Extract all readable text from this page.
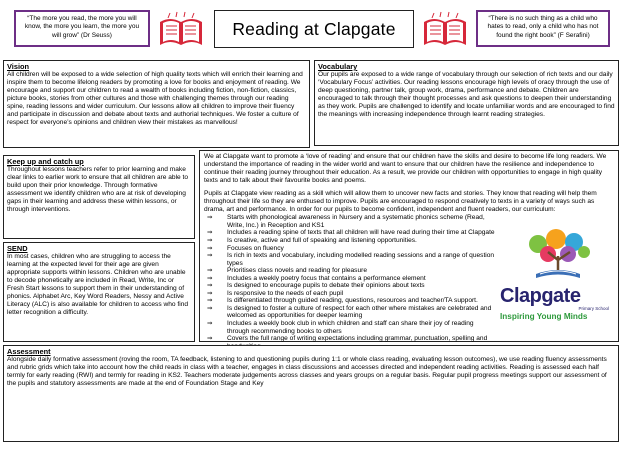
“The more you read, the more you will know, the more you learn, the more you will grow” (Dr Seuss)	Reading at Clapgate	“There is no such thing as a child who hates to read, only a child who has not found the right book” (F Serafini)
Vision
All children will be exposed to a wide selection of high quality texts which will enrich their learning and inspire them to become lifelong readers by promoting a love for books and enjoyment of reading. We encourage and support our children to read a wealth of books including fiction, non-fiction, classics, picture books, stories from other cultures and those with challenging themes through our reading spine, reading lessons and wider curriculum. Our lessons allow all children to improve their fluency and participate in discussion and debate about texts and authorial techniques. We foster a culture of respect for everyone’s opinions and children view their mistakes as marvellous!
Vocabulary
Our pupils are exposed to a wide range of vocabulary through our selection of rich texts and our daily ‘Vocabulary Focus’ activities. Our reading lessons encourage high levels of oracy through the use of deep questioning, partner talk, group work, drama, performance and debate. Children are encouraged to talk through their thought processes and ask questions to deepen their understanding as they work. Pupils are challenged to identify and locate unfamiliar words and are encouraged to find the meanings with increasing independence through learnt reading strategies.
Keep up and catch up
Throughout lessons teachers refer to prior learning and make clear links to earlier work to ensure that all children are able to build upon their prior knowledge. Through formative assessment we identify children who are at risk of developing gaps in their learning and address these within lessons, or through interventions.
SEND
In most cases, children who are struggling to access the learning at the expected level for their age are given appropriate supports within lessons. Children who are unable to decode phonetically are included in Read, Write, Inc or Fresh Start lessons to support them in their understanding of phonics. Alphabet Arc, Key Word Readers, Nessy and Active Literacy (ALC) is also available for children to access who find letter recognition a difficulty.
We at Clapgate want to promote a ‘love of reading’ and ensure that our children have the skills and desire to become life long readers. We understand the importance of reading in the wider world and want to ensure that our children have the resilience and independence to continue their reading journey throughout their education. As a result, we provide our children with opportunities to engage in high quality texts and to talk about their favourite books and poems.
Pupils at Clapgate view reading as a skill which will allow them to uncover new facts and stories. They know that reading will help them throughout their life so they are enthused to improve. Pupils are encouraged to respond creatively to texts in a variety of ways such as drama, art and performance. In order for our pupils to become confident, independent and fluent readers, our curriculum:
⇒ Starts with phonological awareness in Nursery and a systematic phonics scheme (Read, Write, Inc.) in Reception and KS1
⇒ Includes a reading spine of texts that all children will have read during their time at Clapgate
⇒ Is creative, active and full of speaking and listening opportunities.
⇒ Focuses on fluency
⇒ Is rich in texts and vocabulary, including modelled reading sessions and a range of question types
⇒ Prioritises class novels and reading for pleasure
⇒ Includes a weekly poetry focus that contains a performance element
⇒ Is designed to encourage pupils to debate their opinions about texts
⇒ Is responsive to the needs of each pupil
⇒ Is differentiated through guided reading, questions, resources and teacher/TA support.
⇒ Is designed to foster a culture of respect for each other where mistakes are celebrated and welcomed as opportunities for deeper learning
⇒ Includes a weekly book club in which children and staff can share their joy of reading through recommending books to others
⇒ Covers the full range of writing expectations including grammar, punctuation, spelling and
Clapgate
Primary School
Inspiring Young Minds
Assessment
Alongside daily formative assessment (roving the room, TA feedback, listening to and questioning pupils during 1:1 or whole class reading, evaluating lesson outcomes), we use reading fluency assessments and rubric grids which take into account how the child reads in class with a teacher, engages in class discussions and accesses directed and independent reading activities. Reading is assessed each half termly for early reading (RWI) and termly for reading in KS2. Teachers moderate judgements across classes and years groups on a regular basis. Regular pupil progress meetings support our assessment of the pupils and statutory assessments are made at the end of Foundation Stage and Key
